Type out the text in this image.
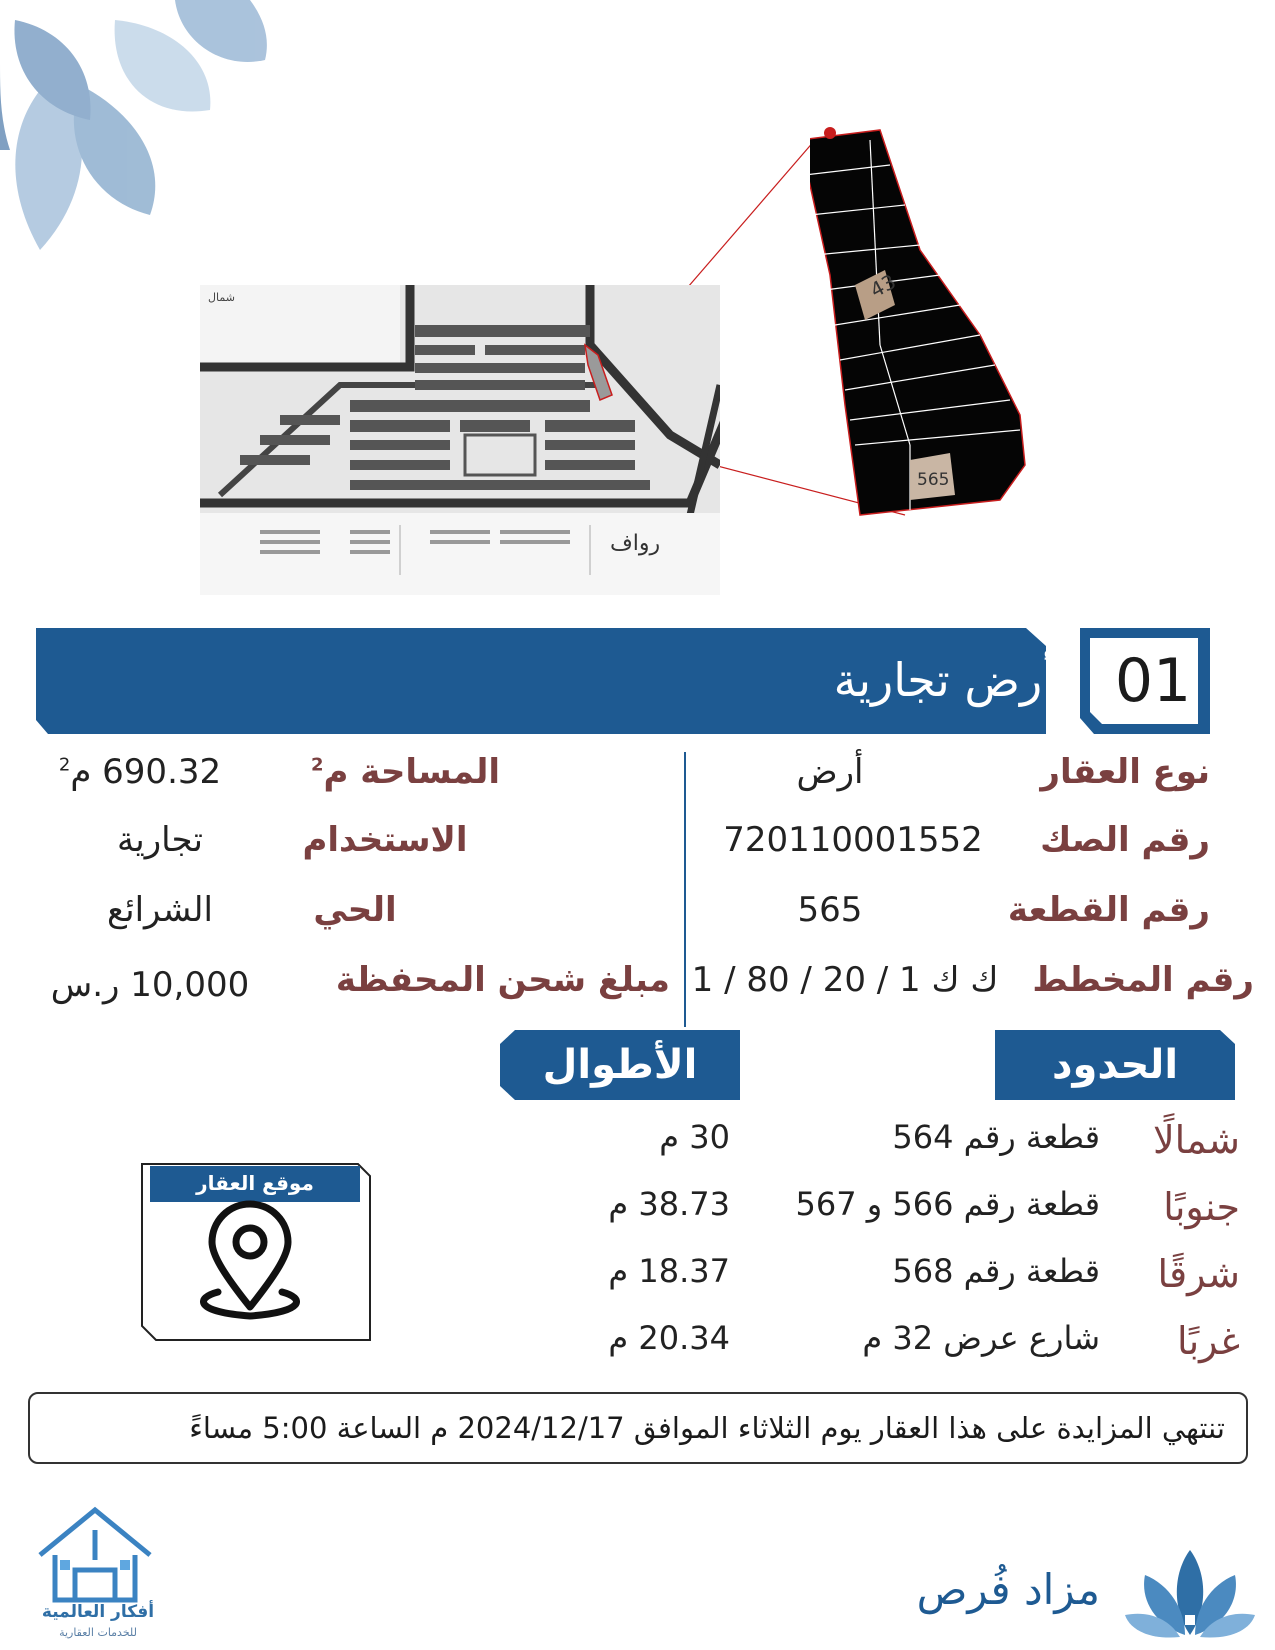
شمال
رواف
43
565
أرض تجارية 01
نوع العقار
أرض
رقم الصك
720110001552
رقم القطعة
565
رقم المخطط
ك ك 1 / 20 / 80 / 1
المساحة م$^2$
690.32 م$^2$
الاستخدام
تجارية
الحي
الشرائع
مبلغ شحن المحفظة
10,000 ر.س
الحدود
الأطوال
شمالًا
قطعة رقم 564
30 م
جنوبًا
قطعة رقم 566 و 567
38.73 م
شرقًا
قطعة رقم 568
18.37 م
غربًا
شارع عرض 32 م
20.34 م
موقع العقار
تنتهي المزايدة على هذا العقار يوم الثلاثاء الموافق 2024/12/17 م الساعة 5:00 مساءً
أفكار العالمية
للخدمات العقارية
مزاد فُرص
